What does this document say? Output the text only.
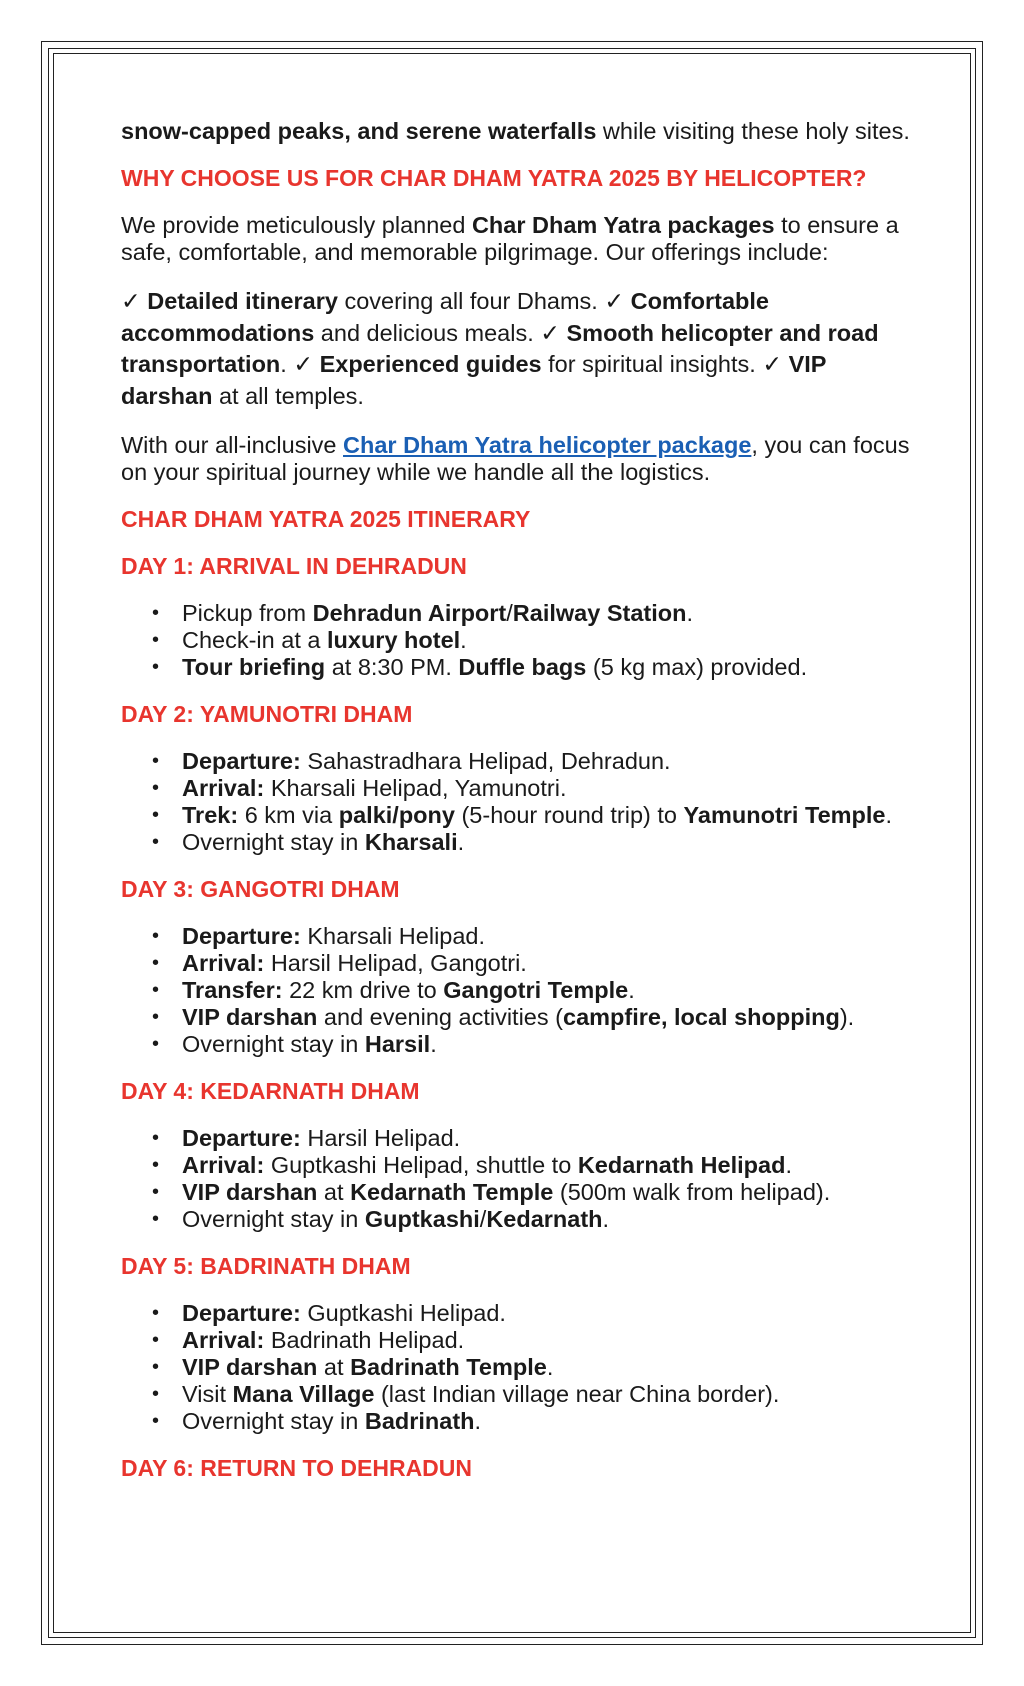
snow-capped peaks, and serene waterfalls while visiting these holy sites.

WHY CHOOSE US FOR CHAR DHAM YATRA 2025 BY HELICOPTER?

We provide meticulously planned Char Dham Yatra packages to ensure a safe, comfortable, and memorable pilgrimage. Our offerings include:

✓ Detailed itinerary covering all four Dhams. ✓ Comfortable accommodations and delicious meals. ✓ Smooth helicopter and road transportation. ✓ Experienced guides for spiritual insights. ✓ VIP darshan at all temples.

With our all-inclusive Char Dham Yatra helicopter package, you can focus on your spiritual journey while we handle all the logistics.

CHAR DHAM YATRA 2025 ITINERARY

DAY 1: ARRIVAL IN DEHRADUN

• Pickup from Dehradun Airport/Railway Station.
• Check-in at a luxury hotel.
• Tour briefing at 8:30 PM. Duffle bags (5 kg max) provided.

DAY 2: YAMUNOTRI DHAM

• Departure: Sahastradhara Helipad, Dehradun.
• Arrival: Kharsali Helipad, Yamunotri.
• Trek: 6 km via palki/pony (5-hour round trip) to Yamunotri Temple.
• Overnight stay in Kharsali.

DAY 3: GANGOTRI DHAM

• Departure: Kharsali Helipad.
• Arrival: Harsil Helipad, Gangotri.
• Transfer: 22 km drive to Gangotri Temple.
• VIP darshan and evening activities (campfire, local shopping).
• Overnight stay in Harsil.

DAY 4: KEDARNATH DHAM

• Departure: Harsil Helipad.
• Arrival: Guptkashi Helipad, shuttle to Kedarnath Helipad.
• VIP darshan at Kedarnath Temple (500m walk from helipad).
• Overnight stay in Guptkashi/Kedarnath.

DAY 5: BADRINATH DHAM

• Departure: Guptkashi Helipad.
• Arrival: Badrinath Helipad.
• VIP darshan at Badrinath Temple.
• Visit Mana Village (last Indian village near China border).
• Overnight stay in Badrinath.

DAY 6: RETURN TO DEHRADUN
